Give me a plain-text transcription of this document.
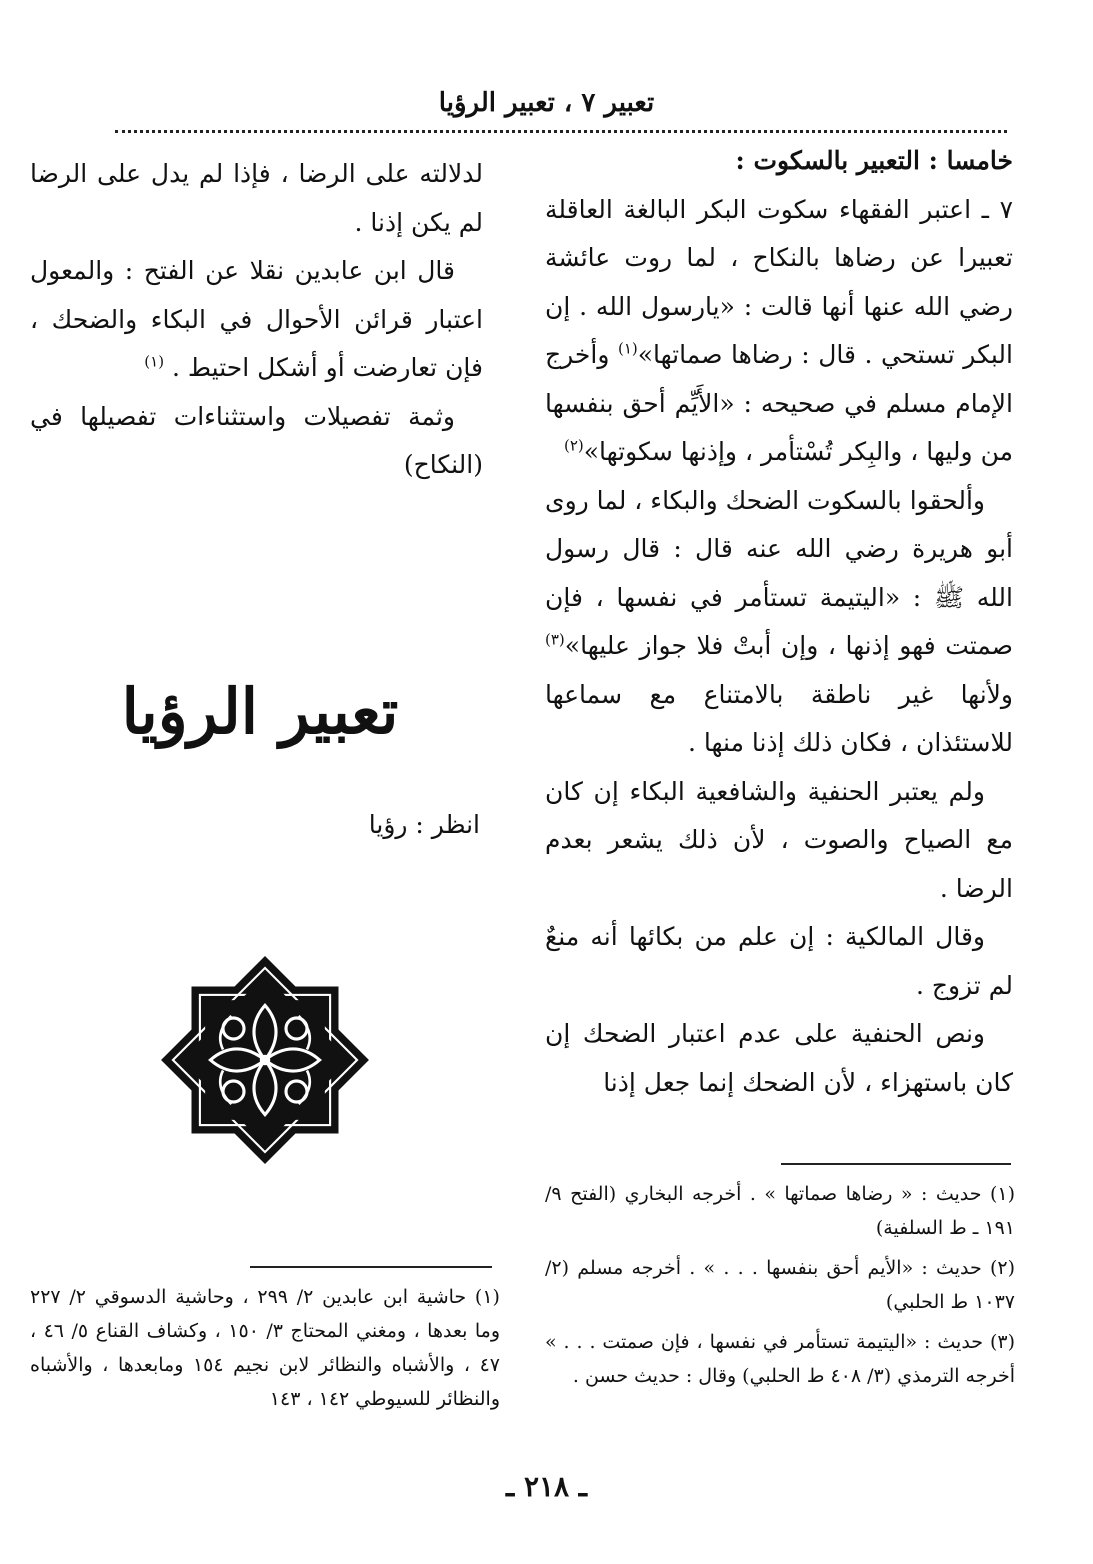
تعبير ٧ ، تعبير الرؤيا

خامسا : التعبير بالسكوت :

٧ ـ اعتبر الفقهاء سكوت البكر البالغة العاقلة تعبيرا عن رضاها بالنكاح ، لما روت عائشة رضي الله عنها أنها قالت : «يارسول الله . إن البكر تستحي . قال : رضاها صماتها»$^{(١)}$ وأخرج الإمام مسلم في صحيحه : «الأَيِّم أحق بنفسها من وليها ، والبِكر تُسْتأمر ، وإذنها سكوتها»$^{(٢)}$

وألحقوا بالسكوت الضحك والبكاء ، لما روى أبو هريرة رضي الله عنه قال : قال رسول الله ﷺ : «اليتيمة تستأمر في نفسها ، فإن صمتت فهو إذنها ، وإن أبتْ فلا جواز عليها»$^{(٣)}$ ولأنها غير ناطقة بالامتناع مع سماعها للاستئذان ، فكان ذلك إذنا منها .

ولم يعتبر الحنفية والشافعية البكاء إن كان مع الصياح والصوت ، لأن ذلك يشعر بعدم الرضا .

وقال المالكية : إن علم من بكائها أنه منعٌ لم تزوج .

ونص الحنفية على عدم اعتبار الضحك إن كان باستهزاء ، لأن الضحك إنما جعل إذنا

لدلالته على الرضا ، فإذا لم يدل على الرضا لم يكن إذنا .

قال ابن عابدين نقلا عن الفتح : والمعول اعتبار قرائن الأحوال في البكاء والضحك ، فإن تعارضت أو أشكل احتيط . $^{(١)}$

وثمة تفصيلات واستثناءات تفصيلها في (النكاح)

تعبير الرؤيا
انظر : رؤيا

(١) حديث : « رضاها صماتها » . أخرجه البخاري (الفتح ٩/ ١٩١ ـ ط السلفية)

(٢) حديث : «الأيم أحق بنفسها . . . » . أخرجه مسلم (٢/ ١٠٣٧ ط الحلبي)

(٣) حديث : «اليتيمة تستأمر في نفسها ، فإن صمتت . . . » أخرجه الترمذي (٣/ ٤٠٨ ط الحلبي) وقال : حديث حسن .

(١) حاشية ابن عابدين ٢/ ٢٩٩ ، وحاشية الدسوقي ٢/ ٢٢٧ وما بعدها ، ومغني المحتاج ٣/ ١٥٠ ، وكشاف القناع ٥/ ٤٦ ، ٤٧ ، والأشباه والنظائر لابن نجيم ١٥٤ ومابعدها ، والأشباه والنظائر للسيوطي ١٤٢ ، ١٤٣

ـ ٢١٨ ـ
